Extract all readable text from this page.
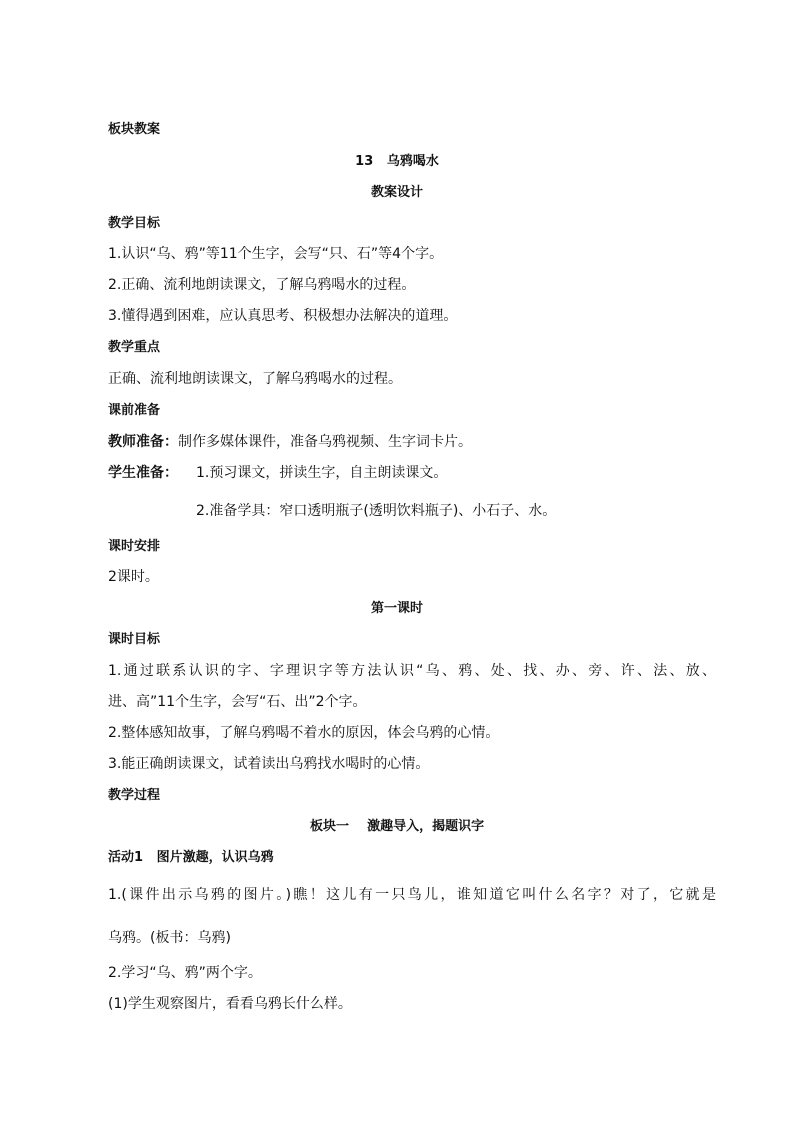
板块教案
13 乌鸦喝水
教案设计
教学目标
1.认识“乌、鸦”等11个生字，会写“只、石”等4个字。
2.正确、流利地朗读课文，了解乌鸦喝水的过程。
3.懂得遇到困难，应认真思考、积极想办法解决的道理。
教学重点
正确、流利地朗读课文，了解乌鸦喝水的过程。
课前准备
教师准备：制作多媒体课件，准备乌鸦视频、生字词卡片。
学生准备： 1.预习课文，拼读生字，自主朗读课文。
2.准备学具：窄口透明瓶子(透明饮料瓶子)、小石子、水。
课时安排
2课时。
第一课时
课时目标
1.通过联系认识的字、字理识字等方法认识“乌、鸦、处、找、办、旁、许、法、放、
进、高”11个生字，会写“石、出”2个字。
2.整体感知故事，了解乌鸦喝不着水的原因，体会乌鸦的心情。
3.能正确朗读课文，试着读出乌鸦找水喝时的心情。
教学过程
板块一 激趣导入，揭题识字
活动1 图片激趣，认识乌鸦
1.(课件出示乌鸦的图片。)瞧！这儿有一只鸟儿，谁知道它叫什么名字？对了，它就是
乌鸦。(板书：乌鸦)
2.学习“乌、鸦”两个字。
(1)学生观察图片，看看乌鸦长什么样。
